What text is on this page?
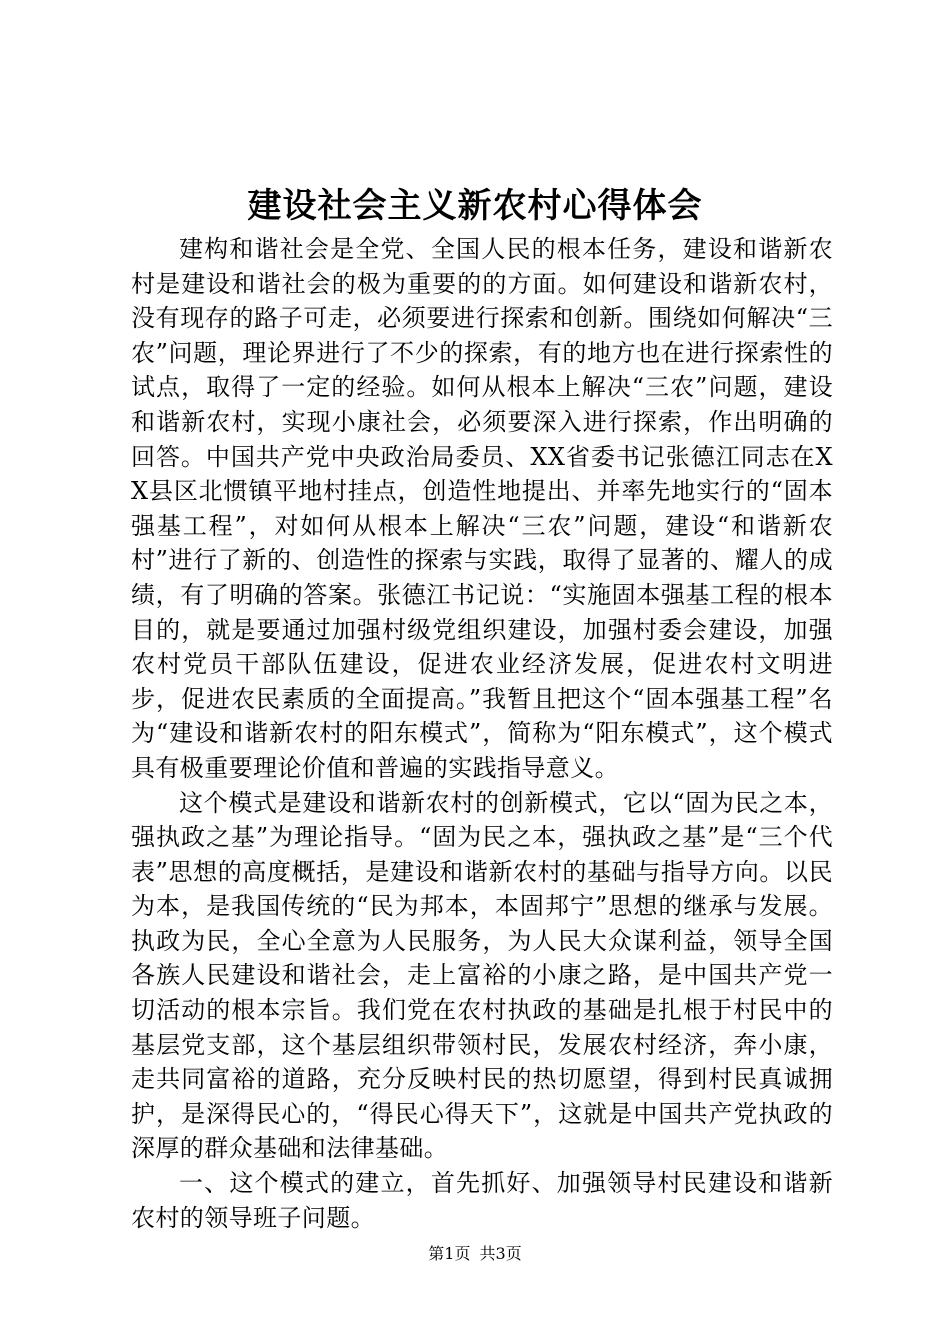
建设社会主义新农村心得体会

建构和谐社会是全党、全国人民的根本任务，建设和谐新农村是建设和谐社会的极为重要的的方面。如何建设和谐新农村，没有现存的路子可走，必须要进行探索和创新。围绕如何解决“三农”问题，理论界进行了不少的探索，有的地方也在进行探索性的试点，取得了一定的经验。如何从根本上解决“三农”问题，建设和谐新农村，实现小康社会，必须要深入进行探索，作出明确的回答。中国共产党中央政治局委员、XX省委书记张德江同志在XX县区北惯镇平地村挂点，创造性地提出、并率先地实行的“固本强基工程”，对如何从根本上解决“三农”问题，建设“和谐新农村”进行了新的、创造性的探索与实践，取得了显著的、耀人的成绩，有了明确的答案。张德江书记说：“实施固本强基工程的根本目的，就是要通过加强村级党组织建设，加强村委会建设，加强农村党员干部队伍建设，促进农业经济发展，促进农村文明进步，促进农民素质的全面提高。”我暂且把这个“固本强基工程”名为“建设和谐新农村的阳东模式”，简称为“阳东模式”，这个模式具有极重要理论价值和普遍的实践指导意义。

这个模式是建设和谐新农村的创新模式，它以“固为民之本，强执政之基”为理论指导。“固为民之本，强执政之基”是“三个代表”思想的高度概括，是建设和谐新农村的基础与指导方向。以民为本，是我国传统的“民为邦本，本固邦宁”思想的继承与发展。执政为民，全心全意为人民服务，为人民大众谋利益，领导全国各族人民建设和谐社会，走上富裕的小康之路，是中国共产党一切活动的根本宗旨。我们党在农村执政的基础是扎根于村民中的基层党支部，这个基层组织带领村民，发展农村经济，奔小康，走共同富裕的道路，充分反映村民的热切愿望，得到村民真诚拥护，是深得民心的，“得民心得天下”，这就是中国共产党执政的深厚的群众基础和法律基础。

一、这个模式的建立，首先抓好、加强领导村民建设和谐新农村的领导班子问题。

第1页 共3页
